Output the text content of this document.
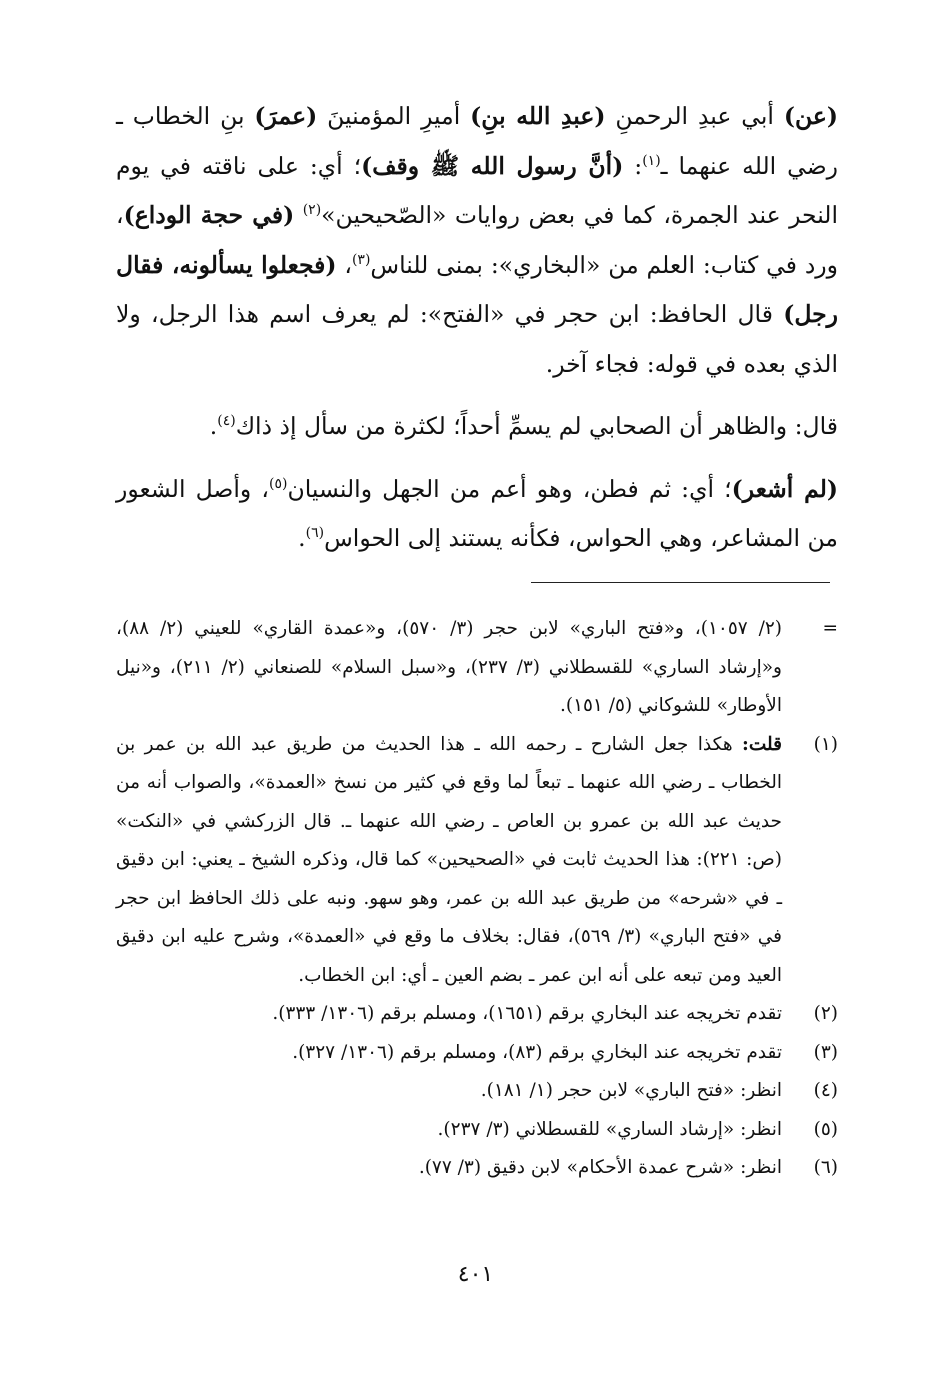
(عن) أبي عبدِ الرحمنِ (عبدِ الله بنِ) أميرِ المؤمنينَ (عمرَ) بنِ الخطاب ـ رضي الله عنهما ـ$^{(١)}$: (أنَّ رسول الله ﷺ وقف)؛ أي: على ناقته في يوم النحر عند الجمرة، كما في بعض روايات «الصّحيحين»$^{(٢)}$ (في حجة الوداع)، ورد في كتاب: العلم من «البخاري»: بمنى للناس$^{(٣)}$، (فجعلوا يسألونه، فقال رجل) قال الحافظ: ابن حجر في «الفتح»: لم يعرف اسم هذا الرجل، ولا الذي بعده في قوله: فجاء آخر.

قال: والظاهر أن الصحابي لم يسمِّ أحداً؛ لكثرة من سأل إذ ذاك$^{(٤)}$.

(لم أشعر)؛ أي: ثم فطن، وهو أعم من الجهل والنسيان$^{(٥)}$، وأصل الشعور من المشاعر، وهي الحواس، فكأنه يستند إلى الحواس$^{(٦)}$.

=
(٢/ ١٠٥٧)، و«فتح الباري» لابن حجر (٣/ ٥٧٠)، و«عمدة القاري» للعيني (٢/ ٨٨)، و«إرشاد الساري» للقسطلاني (٣/ ٢٣٧)، و«سبل السلام» للصنعاني (٢/ ٢١١)، و«نيل الأوطار» للشوكاني (٥/ ١٥١).
(١)
قلت: هكذا جعل الشارح ـ رحمه الله ـ هذا الحديث من طريق عبد الله بن عمر بن الخطاب ـ رضي الله عنهما ـ تبعاً لما وقع في كثير من نسخ «العمدة»، والصواب أنه من حديث عبد الله بن عمرو بن العاص ـ رضي الله عنهما ـ. قال الزركشي في «النكت» (ص: ٢٢١): هذا الحديث ثابت في «الصحيحين» كما قال، وذكره الشيخ ـ يعني: ابن دقيق ـ في «شرحه» من طريق عبد الله بن عمر، وهو سهو. ونبه على ذلك الحافظ ابن حجر في «فتح الباري» (٣/ ٥٦٩)، فقال: بخلاف ما وقع في «العمدة»، وشرح عليه ابن دقيق العيد ومن تبعه على أنه ابن عمر ـ بضم العين ـ أي: ابن الخطاب.
(٢)
تقدم تخريجه عند البخاري برقم (١٦٥١)، ومسلم برقم (١٣٠٦/ ٣٣٣).
(٣)
تقدم تخريجه عند البخاري برقم (٨٣)، ومسلم برقم (١٣٠٦/ ٣٢٧).
(٤)
انظر: «فتح الباري» لابن حجر (١/ ١٨١).
(٥)
انظر: «إرشاد الساري» للقسطلاني (٣/ ٢٣٧).
(٦)
انظر: «شرح عمدة الأحكام» لابن دقيق (٣/ ٧٧).
٤٠١
